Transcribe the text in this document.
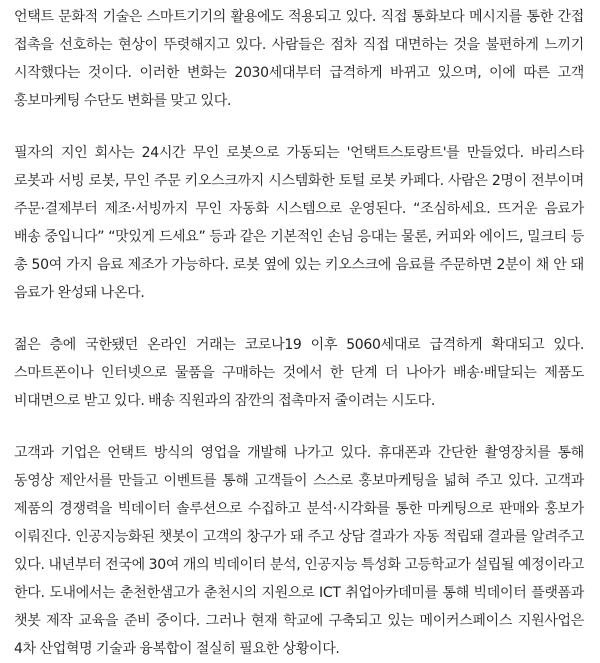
언택트 문화적 기술은 스마트기기의 활용에도 적용되고 있다. 직접 통화보다 메시지를 통한 간접 접촉을 선호하는 현상이 뚜렷해지고 있다. 사람들은 점차 직접 대면하는 것을 불편하게 느끼기 시작했다는 것이다. 이러한 변화는 2030세대부터 급격하게 바뀌고 있으며, 이에 따른 고객 홍보마케팅 수단도 변화를 맞고 있다.

필자의 지인 회사는 24시간 무인 로봇으로 가동되는 '언택트스토랑트'를 만들었다. 바리스타 로봇과 서빙 로봇, 무인 주문 키오스크까지 시스템화한 토털 로봇 카페다. 사람은 2명이 전부이며 주문·결제부터 제조·서빙까지 무인 자동화 시스템으로 운영된다. “조심하세요. 뜨거운 음료가 배송 중입니다” “맛있게 드세요” 등과 같은 기본적인 손님 응대는 물론, 커피와 에이드, 밀크티 등 총 50여 가지 음료 제조가 가능하다. 로봇 옆에 있는 키오스크에 음료를 주문하면 2분이 채 안 돼 음료가 완성돼 나온다.

젊은 층에 국한됐던 온라인 거래는 코로나19 이후 5060세대로 급격하게 확대되고 있다. 스마트폰이나 인터넷으로 물품을 구매하는 것에서 한 단계 더 나아가 배송·배달되는 제품도 비대면으로 받고 있다. 배송 직원과의 잠깐의 접촉마저 줄이려는 시도다.

고객과 기업은 언택트 방식의 영업을 개발해 나가고 있다. 휴대폰과 간단한 촬영장치를 통해 동영상 제안서를 만들고 이벤트를 통해 고객들이 스스로 홍보마케팅을 넓혀 주고 있다. 고객과 제품의 경쟁력을 빅데이터 솔루션으로 수집하고 분석·시각화를 통한 마케팅으로 판매와 홍보가 이뤄진다. 인공지능화된 챗봇이 고객의 창구가 돼 주고 상담 결과가 자동 적립돼 결과를 알려주고 있다. 내년부터 전국에 30여 개의 빅데이터 분석, 인공지능 특성화 고등학교가 설립될 예정이라고 한다. 도내에서는 춘천한샘고가 춘천시의 지원으로 ICT 취업아카데미를 통해 빅데이터 플랫폼과 챗봇 제작 교육을 준비 중이다. 그러나 현재 학교에 구축되고 있는 메이커스페이스 지원사업은 4차 산업혁명 기술과 융복합이 절실히 필요한 상황이다.
